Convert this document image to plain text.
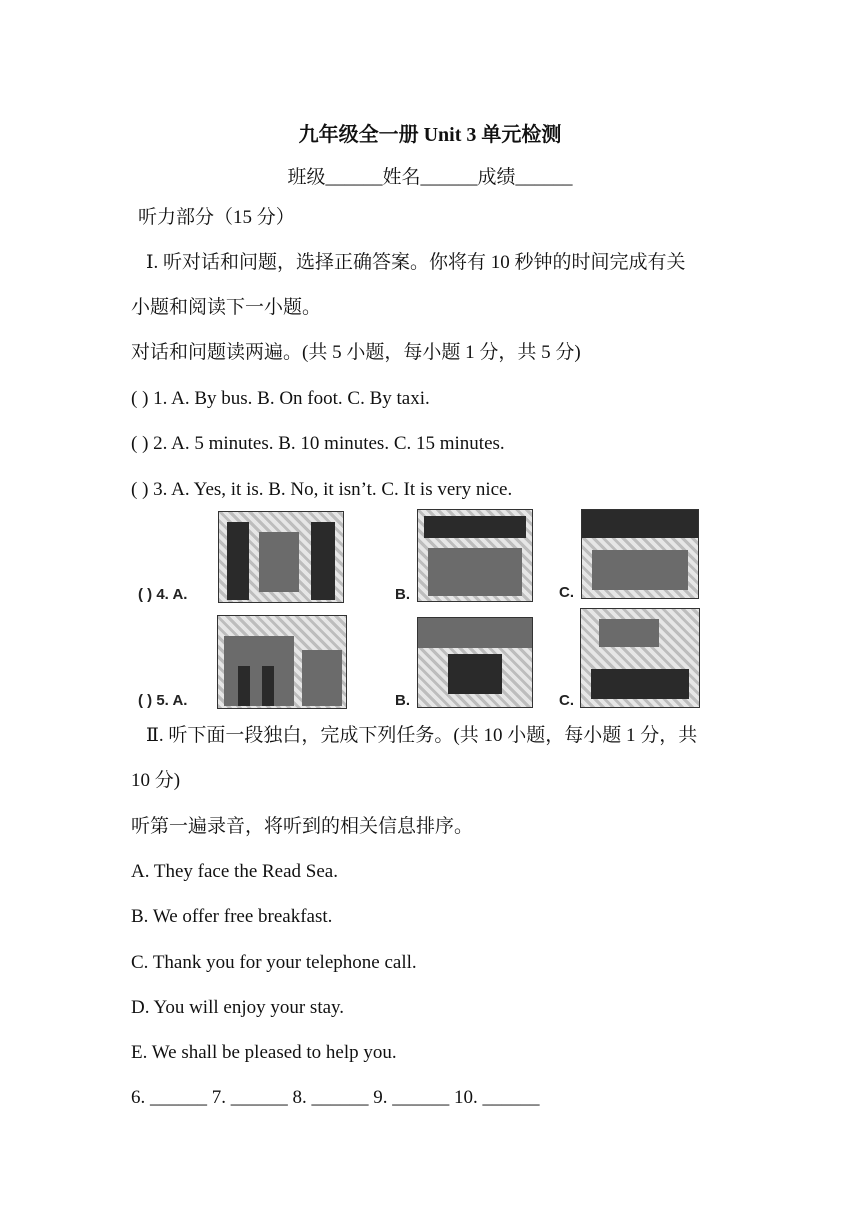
九年级全一册 Unit 3 单元检测
班级______姓名______成绩______
听力部分（15 分）
Ⅰ. 听对话和问题，选择正确答案。你将有 10 秒钟的时间完成有关
小题和阅读下一小题。
对话和问题读两遍。(共 5 小题，每小题 1 分，共 5 分)
( ) 1. A. By bus. B. On foot. C. By taxi.
( ) 2. A. 5 minutes. B. 10 minutes. C. 15 minutes.
( ) 3. A. Yes, it is. B. No, it isn’t. C. It is very nice.
( ) 4. A.	B.	C.
( ) 5. A.	B.	C.
Ⅱ. 听下面一段独白，完成下列任务。(共 10 小题，每小题 1 分，共
10 分)
听第一遍录音，将听到的相关信息排序。
A. They face the Read Sea.
B. We offer free breakfast.
C. Thank you for your telephone call.
D. You will enjoy your stay.
E. We shall be pleased to help you.
6. ______ 7. ______ 8. ______ 9. ______ 10. ______
